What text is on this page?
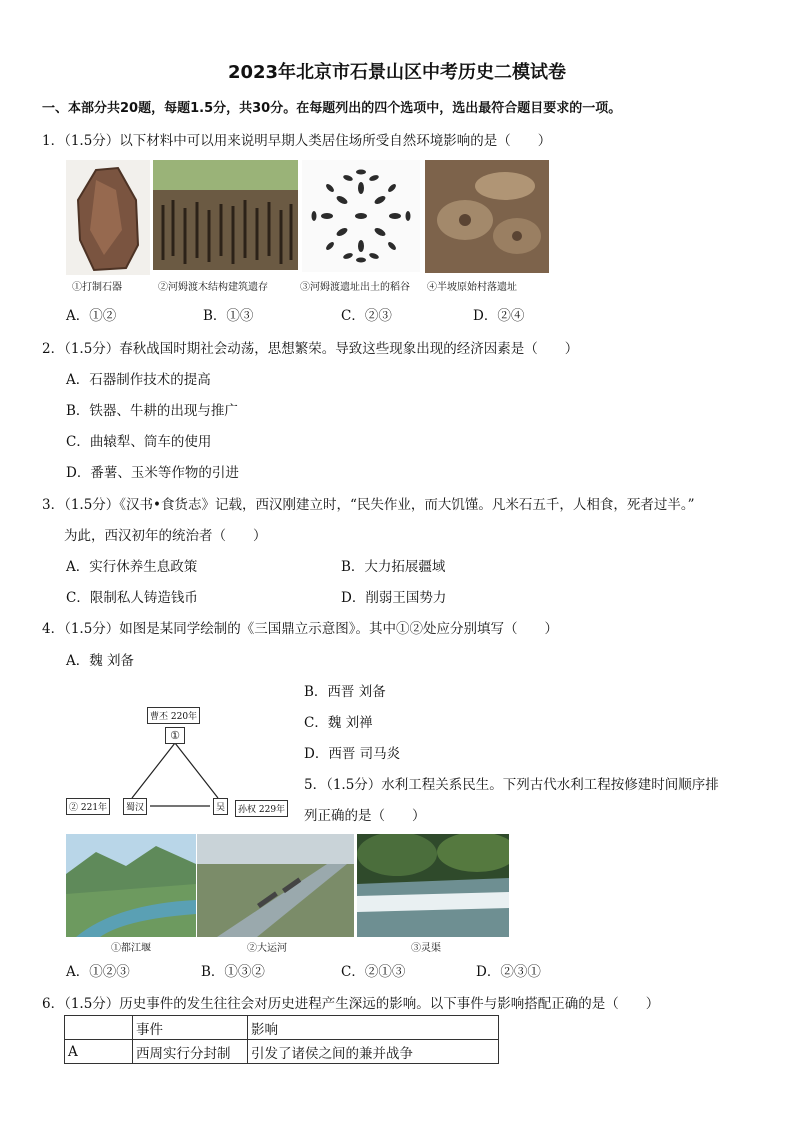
2023年北京市石景山区中考历史二模试卷
一、本部分共20题，每题1.5分，共30分。在每题列出的四个选项中，选出最符合题目要求的一项。
1．（1.5分）以下材料中可以用来说明早期人类居住场所受自然环境影响的是（　　）
①打制石器	②河姆渡木结构建筑遗存	③河姆渡遗址出土的稻谷 ④半坡原始村落遗址
A．①②	B．①③	C．②③	D．②④
2．（1.5分）春秋战国时期社会动荡，思想繁荣。导致这些现象出现的经济因素是（　　）
A．石器制作技术的提高
B．铁器、牛耕的出现与推广
C．曲辕犁、筒车的使用
D．番薯、玉米等作物的引进
3．（1.5分）《汉书•食货志》记载，西汉刚建立时，“民失作业，而大饥馑。凡米石五千，人相食，死者过半。”
为此，西汉初年的统治者（　　）
A．实行休养生息政策	B．大力拓展疆域
C．限制私人铸造钱币	D．削弱王国势力
4．（1.5分）如图是某同学绘制的《三国鼎立示意图》。其中①②处应分别填写（　　）
A．魏 刘备
B．西晋 刘备
C．魏 刘禅
D．西晋 司马炎
曹丕 220年
①
② 221年	蜀汉	吴	孙权 229年
5．（1.5分）水利工程关系民生。下列古代水利工程按修建时间顺序排
列正确的是（　　）
①都江堰	②大运河	③灵渠
A．①②③	B．①③②	C．②①③	D．②③①
6．（1.5分）历史事件的发生往往会对历史进程产生深远的影响。以下事件与影响搭配正确的是（　　）
	事件	影响
A	西周实行分封制	引发了诸侯之间的兼并战争
